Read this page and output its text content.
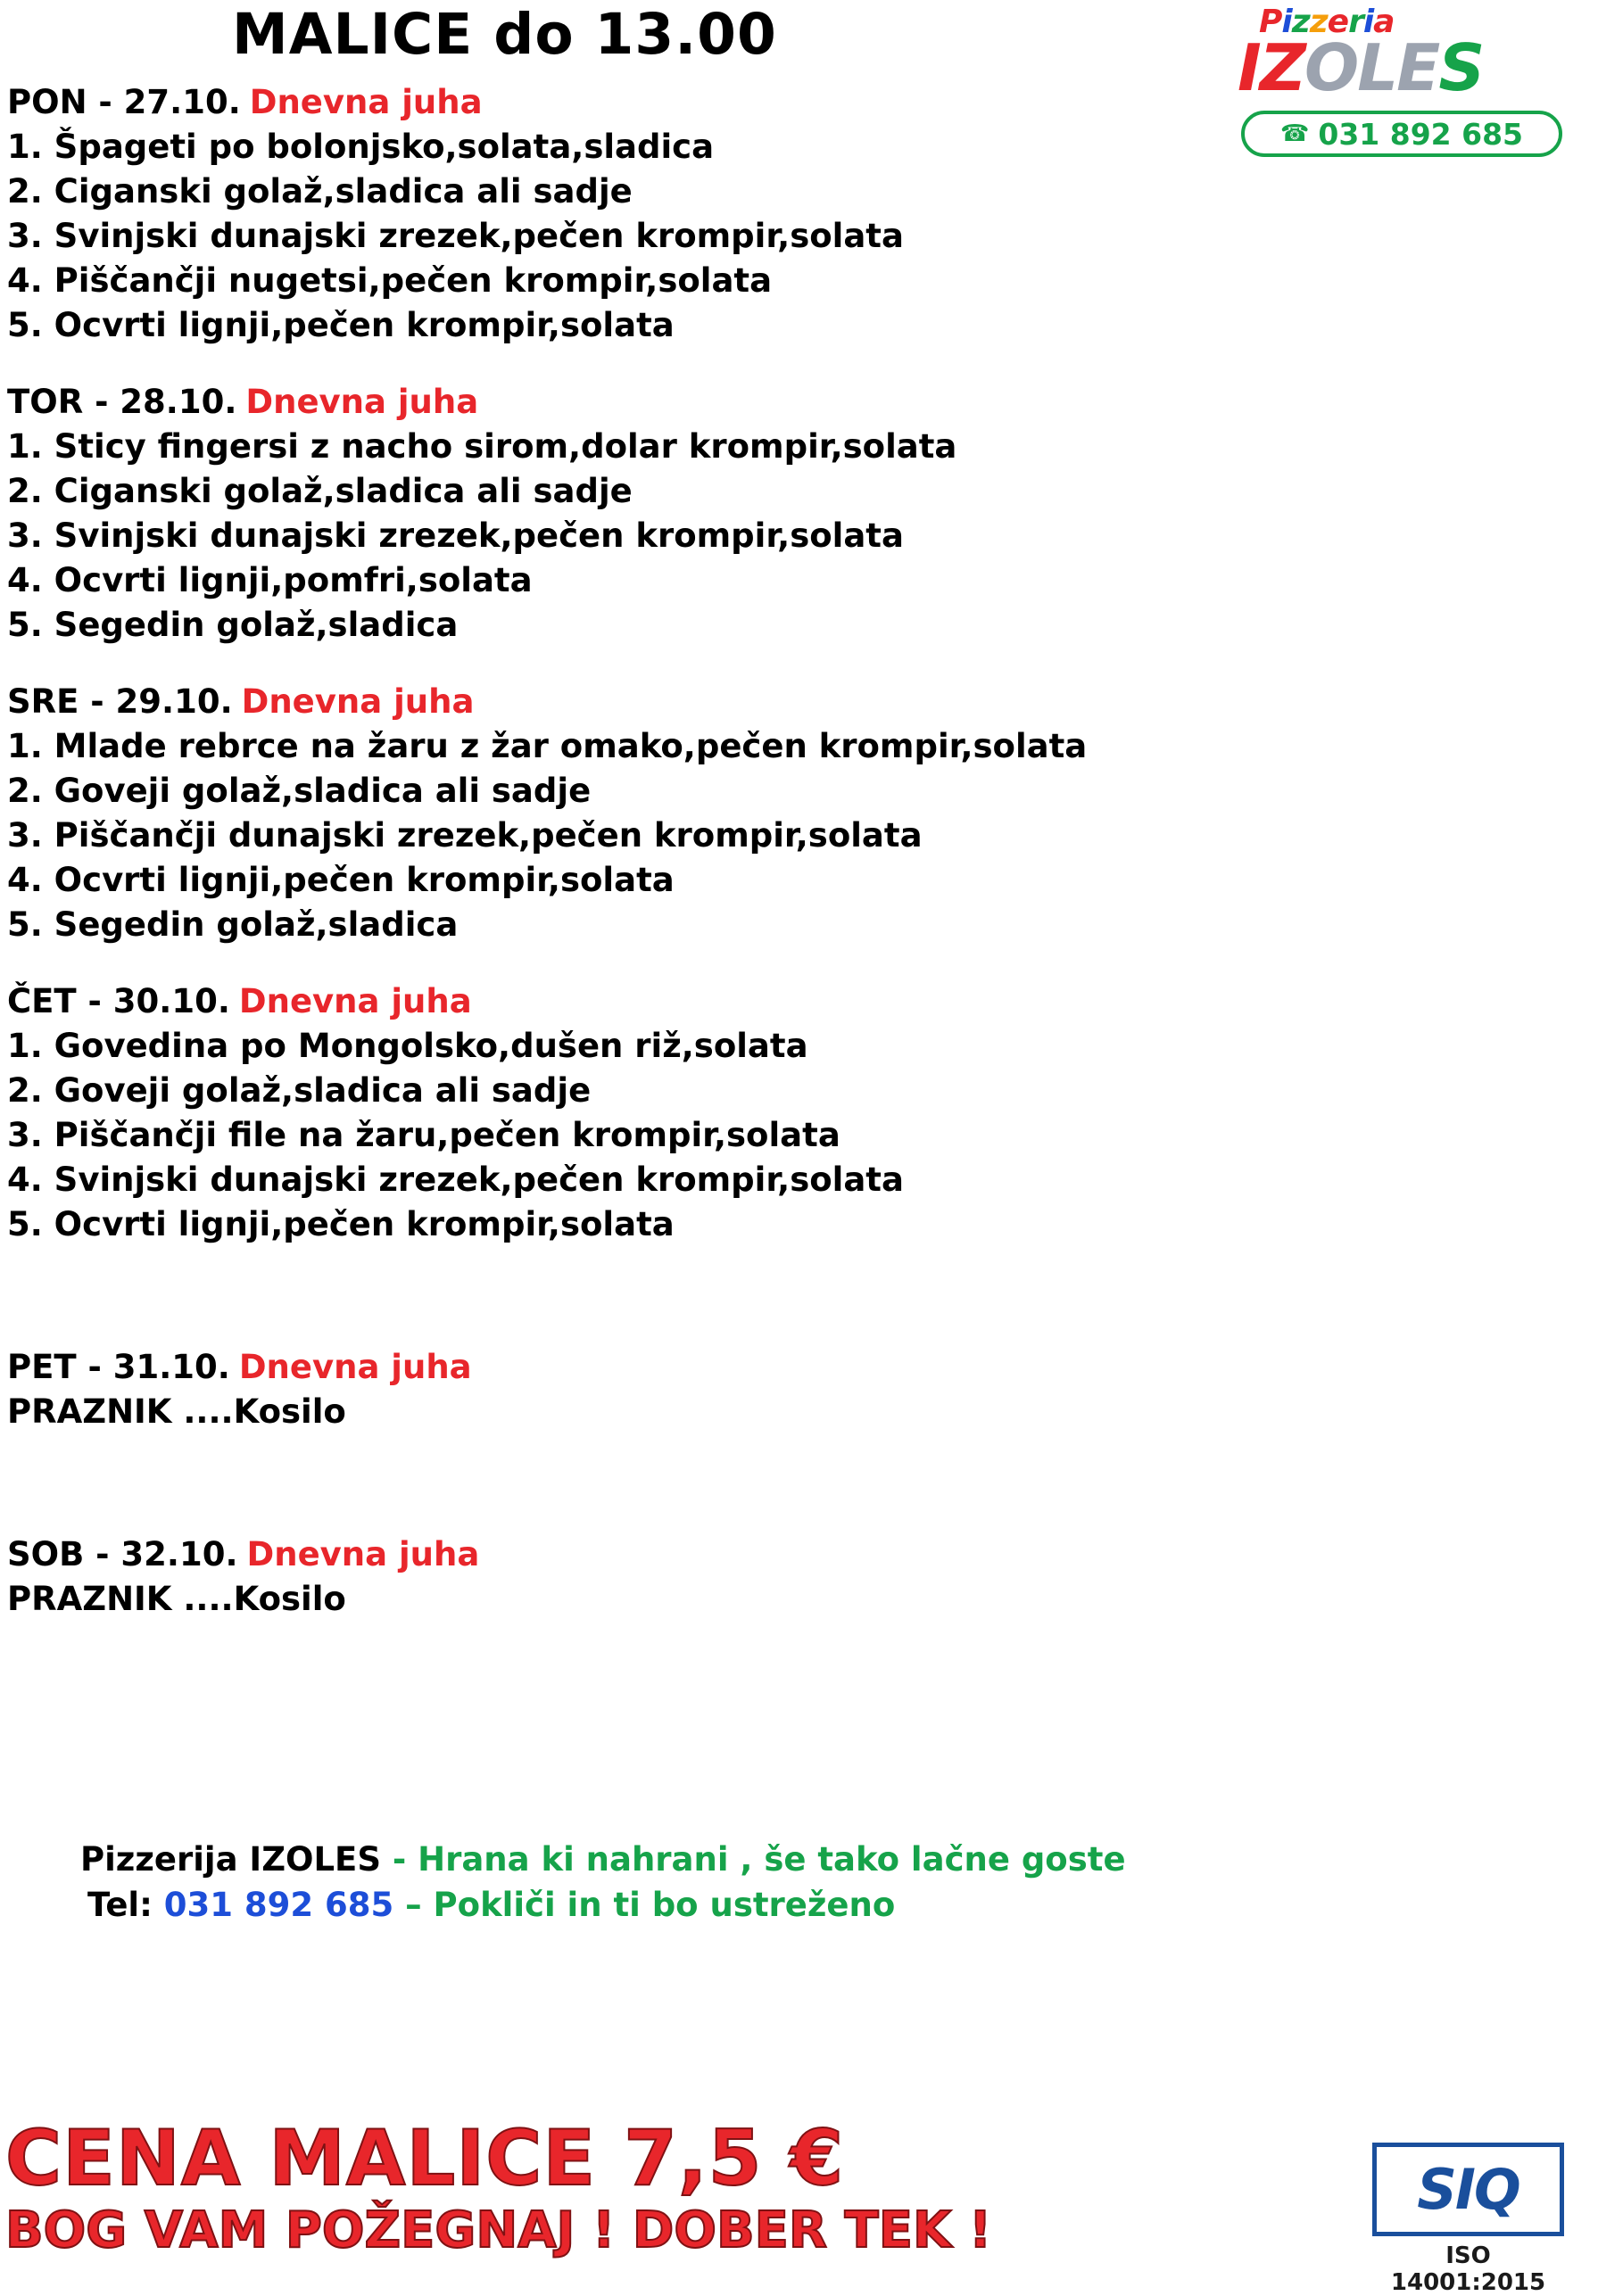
MALICE do 13.00	Pizzeria
IZOLES
☎ 031 892 685
PON - 27.10. Dnevna juha
1. Špageti po bolonjsko,solata,sladica
2. Ciganski golaž,sladica ali sadje
3. Svinjski dunajski zrezek,pečen krompir,solata
4. Piščančji nugetsi,pečen krompir,solata
5. Ocvrti lignji,pečen krompir,solata
TOR - 28.10. Dnevna juha
1. Sticy fingersi z nacho sirom,dolar krompir,solata
2. Ciganski golaž,sladica ali sadje
3. Svinjski dunajski zrezek,pečen krompir,solata
4. Ocvrti lignji,pomfri,solata
5. Segedin golaž,sladica
SRE - 29.10. Dnevna juha
1. Mlade rebrce na žaru z žar omako,pečen krompir,solata
2. Goveji golaž,sladica ali sadje
3. Piščančji dunajski zrezek,pečen krompir,solata
4. Ocvrti lignji,pečen krompir,solata
5. Segedin golaž,sladica
ČET - 30.10. Dnevna juha
1. Govedina po Mongolsko,dušen riž,solata
2. Goveji golaž,sladica ali sadje
3. Piščančji file na žaru,pečen krompir,solata
4. Svinjski dunajski zrezek,pečen krompir,solata
5. Ocvrti lignji,pečen krompir,solata
PET - 31.10. Dnevna juha
PRAZNIK ....Kosilo
SOB - 32.10. Dnevna juha
PRAZNIK ....Kosilo
Pizzerija IZOLES - Hrana ki nahrani , še tako lačne goste
Tel: 031 892 685 – Pokliči in ti bo ustreženo
CENA MALICE 7,5 €
BOG VAM POŽEGNAJ ! DOBER TEK !
SIQ
ISO 14001:2015
